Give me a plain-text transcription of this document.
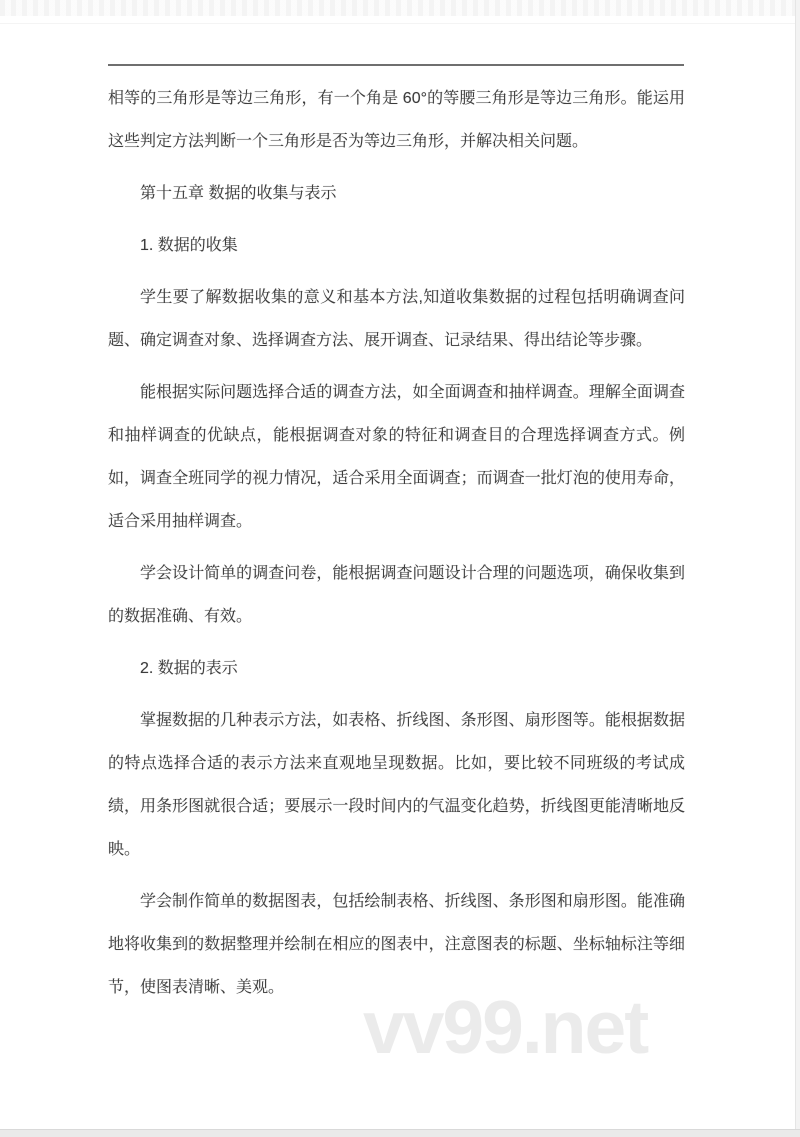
vv99.net

相等的三角形是等边三角形，有一个角是 60°的等腰三角形是等边三角形。能运用这些判定方法判断一个三角形是否为等边三角形，并解决相关问题。

第十五章 数据的收集与表示

1. 数据的收集

学生要了解数据收集的意义和基本方法,知道收集数据的过程包括明确调查问题、确定调查对象、选择调查方法、展开调查、记录结果、得出结论等步骤。

能根据实际问题选择合适的调查方法，如全面调查和抽样调查。理解全面调查和抽样调查的优缺点，能根据调查对象的特征和调查目的合理选择调查方式。例如，调查全班同学的视力情况，适合采用全面调查；而调查一批灯泡的使用寿命，适合采用抽样调查。

学会设计简单的调查问卷，能根据调查问题设计合理的问题选项，确保收集到的数据准确、有效。

2. 数据的表示

掌握数据的几种表示方法，如表格、折线图、条形图、扇形图等。能根据数据的特点选择合适的表示方法来直观地呈现数据。比如，要比较不同班级的考试成绩，用条形图就很合适；要展示一段时间内的气温变化趋势，折线图更能清晰地反映。

学会制作简单的数据图表，包括绘制表格、折线图、条形图和扇形图。能准确地将收集到的数据整理并绘制在相应的图表中，注意图表的标题、坐标轴标注等细节，使图表清晰、美观。
